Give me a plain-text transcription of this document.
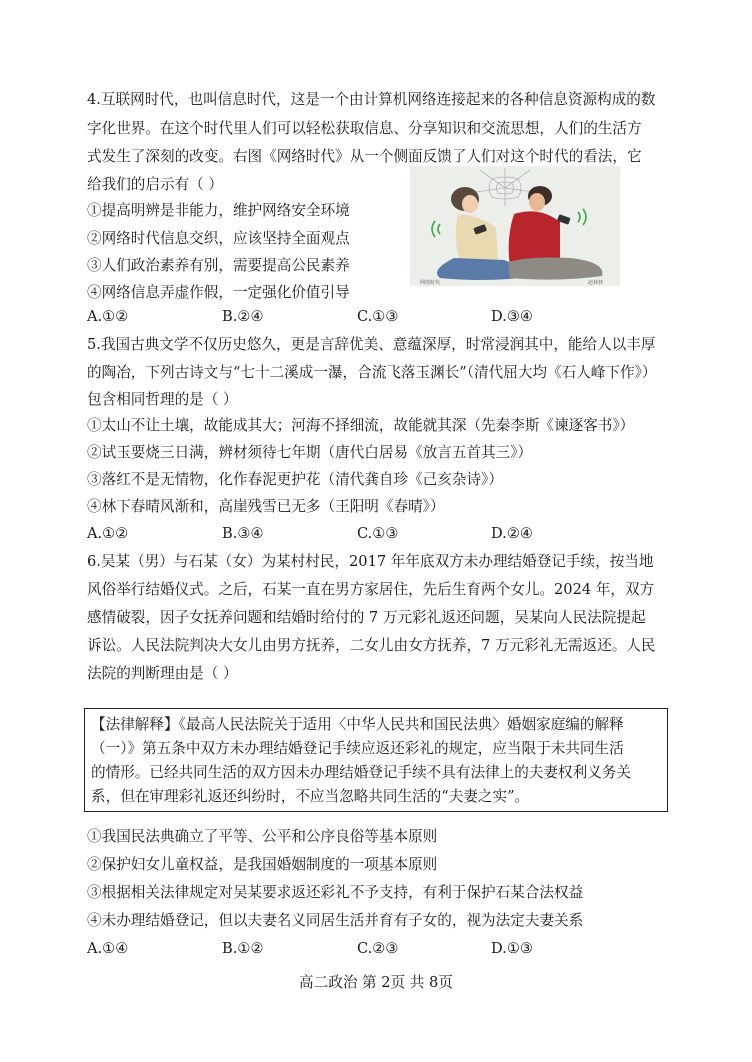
4.互联网时代，也叫信息时代，这是一个由计算机网络连接起来的各种信息资源构成的数
字化世界。在这个时代里人们可以轻松获取信息、分享知识和交流思想，人们的生活方
式发生了深刻的改变。右图《网络时代》从一个侧面反馈了人们对这个时代的看法，它
给我们的启示有（ ）
①提高明辨是非能力，维护网络安全环境
②网络时代信息交织，应该坚持全面观点
③人们政治素养有别，需要提高公民素养
④网络信息弄虚作假，一定强化价值引导
网络时代	赵林林
A.①②	B.②④	C.①③	D.③④
5.我国古典文学不仅历史悠久，更是言辞优美、意蕴深厚，时常浸润其中，能给人以丰厚
的陶冶，下列古诗文与“七十二溪成一瀑，合流飞落玉渊长”（清代屈大均《石人峰下作》）
包含相同哲理的是（ ）
①太山不让土壤，故能成其大；河海不择细流，故能就其深（先秦李斯《谏逐客书》）
②试玉要烧三日满，辨材须待七年期（唐代白居易《放言五首其三》）
③落红不是无情物，化作春泥更护花（清代龚自珍《己亥杂诗》）
④林下春晴风渐和，高崖残雪已无多（王阳明《春晴》）
A.①②	B.③④	C.①③	D.②④
6.吴某（男）与石某（女）为某村村民，2017 年年底双方未办理结婚登记手续，按当地
风俗举行结婚仪式。之后，石某一直在男方家居住，先后生育两个女儿。2024 年，双方
感情破裂，因子女抚养问题和结婚时给付的 7 万元彩礼返还问题，吴某向人民法院提起
诉讼。人民法院判决大女儿由男方抚养，二女儿由女方抚养，7 万元彩礼无需返还。人民
法院的判断理由是（ ）
【法律解释】《最高人民法院关于适用〈中华人民共和国民法典〉婚姻家庭编的解释
（一）》第五条中双方未办理结婚登记手续应返还彩礼的规定，应当限于未共同生活
的情形。已经共同生活的双方因未办理结婚登记手续不具有法律上的夫妻权利义务关
系，但在审理彩礼返还纠纷时，不应当忽略共同生活的“夫妻之实”。
①我国民法典确立了平等、公平和公序良俗等基本原则
②保护妇女儿童权益，是我国婚姻制度的一项基本原则
③根据相关法律规定对吴某要求返还彩礼不予支持，有利于保护石某合法权益
④未办理结婚登记，但以夫妻名义同居生活并育有子女的，视为法定夫妻关系
A.①④	B.①②	C.②③	D.①③
高二政治 第 2页 共 8页
